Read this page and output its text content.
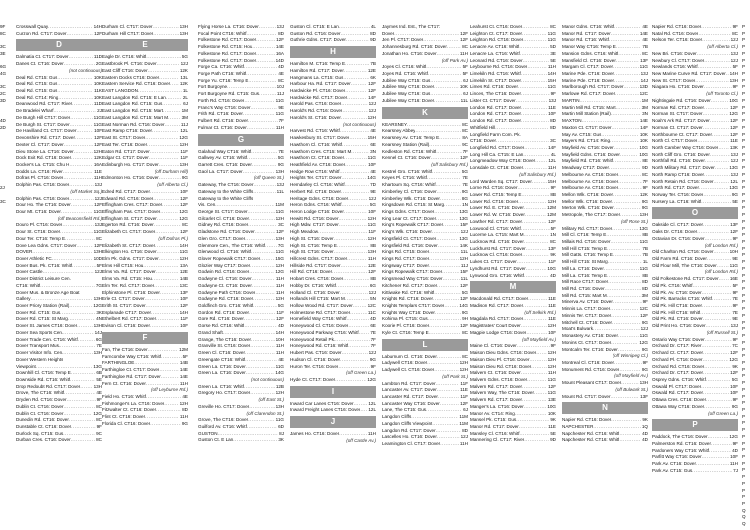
9F
8C
3C
3E
6G
4G
3C
2C
3D
4D
2D
2J
3C
Crosswall Quay .....	14H
Curzon Rd. CT17: Dover .....	12F
D
Dalmatia Ct. CT17: Dover .....	11D
Danes Ct. CT16: Dover .....	2G
(not continuous)
Deal Rd. CT15: Gus .....	10K
Deal Rd. CT15: Gus .....	10K
Deal Rd. CT15: Gus .....	11K
Deal Rd. CT14: Ring .....	10K
Deanwood Rd. CT17: River .....	11D
De Bradelei Wharf .....	2J
De Burgh Hill CT17: Dover .....	11G
De Burgh St. CT17: Dover .....	11G
De Havilland Ct. CT17: Dover .....	10F
Devonshire Rd. CT17: Dover .....	12F
Dexter Cl. CT17: Dover .....	12F
Dieu Stone La. CT16: Dover .....	12H
Dock Exit Rd. CT16: Dover .....	12K
Docker's La. CT15: Chu H .....	16A
Dodds La. CT16: River .....	11E
Dofras Pl. CT16: Dover .....	11H
Dolphin Pas. CT16: Dover .....	13J
(off Market Sq.)
Dolphin Pas. CT16: Dover .....	12J
Dour Ho. The CT16: Dover .....	12F
Dour Mt. CT16: Dover .....	11G
(off Beaconsfield Rd.)
Douro Pl. CT16: Dover .....	13J
Dour St. CT16: Dover .....	11G
Dour Ter. CT16: Temp E .....	8C
Dove Lea Gdns. CT17: Dover .....	12F
DOVER .....	13H
Dover Athletic FC .....	10D
Dover Bus. Pk. CT16: Whitf .....	5F
Dover Castle .....	12J
Dover District Leisure Cen.
CT16: Whitf .....	7G
Dover Mus. & Bronze Age Boat
Gallery .....	13H
Dover Priory Station (Rail) .....	12G
Dover Rd. CT15: Gus .....	3K
Dover Rd. CT15: St Marg .....	4N
Dover St. James CT16: Dover .....	13H
Dover Sea Sports Cen. .....	14J
Dover Trade Cen. CT16: Whitf .....	6G
Dover Transport Mus. .....	7E
Dover Visitor Info. Cen. .....	13H
Dover Western Heights
Viewpoint .....	13G
Downhill Cl. CT16: Temp E .....	6B
Downside Rd. CT16: Whitf .....	5E
Drop Redoubt Rd. CT17: Dover .....	13H
Drove, The CT16: Whitf .....	4E
Dryden Rd. CT16: Dover .....	9F
Dublin Ct. CT16: Dover .....	8C
Dublin Ct. CT16: Dover .....	12G
Dunedin Rd. CT16: Dover .....	8C
Dunstable Ct. CT16: Dover .....	9F
Durlock Sq. CT15: Gus .....	9C
Durban Cres. CT16: Dover .....	8C
Durham Cl. CT17: Dover .....	13H
Durham Hill CT17: Dover .....	13H
E
Eagle Dr. CT16: Whitf .....	5G
Eastbrook Pl. CT16: Dover .....	12J
East Cliff CT16: Dover .....	12K
Eastern Docks CT16: Dover .....	13L
Eastern Service Rd. CT16: Dover ..... 12K
EAST LANGDON .....	1L
East Langdon Rd. CT15: E Lan .....	2L
East Langdon Rd. CT15: Gus .....	6J
East Langdon Rd. CT15: Mart .....	1M
East Langdon Rd. CT15: Mart M .....	3M
East Norman Rd. CT16: Dover .....	11J
East Ramp CT16: Dover .....	12L
East St. CT17: Dover .....	12G
East Ter. CT16: Dover .....	12H
Eaton Rd. CT17: Dover .....	11F
Edgar Ct. CT17: Dover .....	11F
Edinburgh Ho. CT17: Dover .....	13H
(off Durham Hill)
Edmonton Ho. CT16: Dover .....	9G
(off Alberta Cl.)
Edred Rd. CT17: Dover .....	10F
Edward Rd. CT16: Dover .....	12F
Effingham Cres. CT17: Dover .....	12F
Effingham Pas. CT17: Dover .....	12G
Effingham St. CT17: Dover .....	12G
Egerton Rd. CT16: Dover .....	8C
Elizabeth Ct. CT17: Dover .....	12F
(off Dofras Pl.)
Elizabeth St. CT17: Dover .....	14H
Elkington Ho. CT16: Dover .....	11G
Elm Pk. Gdns. CT17: Dover .....	12H
Elms Hill CT15: Hou .....	13A
Elms Va. Rd. CT17: Dover .....	12E
Elms Va. Rd. CT15: Hou .....	14B
Elm Ter. Rd. CT17: Dover .....	13C
Elphinstone Pl. CT16: Dover .....	13F
Erle Ct. CT17: Dover .....	10F
Erith St. CT17: Dover .....	12F
Esplanade CT17: Dover .....	14H
Ethelbert Rd. CT17: Dover .....	11F
Evison Cl. CT16: Dover .....	10F
F
Fan, The CT16: Dover .....	12M
Farncombe Way CT16: Whitf .....	5F
FARTHINGLOE .....	14B
Farthingloe Ct. CT17: Dover .....	14E
Farthingloe Rd. CT17: Dover .....	14E
Fern Ct. CT16: Dover .....	11H
(off Leyburne Rd.)
Field Ho. CT16: Whitf .....	4E
Fishmonger's La. CT16: Dover .....	12H
Fitzwalter Ct. CT16: Dover .....	8D
Flint Ct. CT16: Dover .....	11H
Florida Cl. CT16: Dover .....	9G
Flying Horse La. CT16: Dover .....	13J
Focal Point CT16: Whitf .....	8D
Folkestone Rd. CT17: Dover .....	12F
Folkestone Rd. CT15: Hou .....	14E
Folkestone Rd. CT17: Dover .....	16A
Folkestone Rd. CT17: Dover .....	14D
Forge Ca. CT16: Whitf .....	4D
Forge Path CT16: Whitf .....	4E
Forge Yu. CT16: Temp E .....	8C
Fort Burgoyne .....	10J
Fort Burgoyne Rd. CT15: Gus .....	11J
Forth Rd. CT16: Dover .....	11G
Franc's Way CT16: Dover .....	9E
Frith Rd. CT16: Dover .....	11G
Fulbert Rd. CT16: Dover .....	7F
Fulmar Ct. CT16: Dover .....	11H
G
Galahad Way CT16: Whitf .....	7E
Gallwey Av. CT16: Whitf .....	5G
Garrett Cres. CT16: Dover .....	9G
Gaol La. CT17: Dover .....	13H
(off Queen St.)
Gateway, The CT16: Dover .....	13J
Gateway to the White Cliffs .....	11L
Gateway to the White Cliffs
Vis. Cen. .....	11M
George St. CT17: Dover .....	11G
Gilcarlet Cl. CT16: Dover .....	12H
Gidney Rd. CT16: Dover .....	3C
Gladstone Rd. CT16: Dover .....	12F
Glen Gro. CT17: Dover .....	13H
Glenmore Cen., The CT16: Whitf .....	7G
Glenwood Cl. CT16: Whitf .....	11G
Glover Ropewalk CT17: Dover .....	15G
Glozier Way CT17: Dover .....	12H
Godwin Rd. CT16: Dover .....	12G
Godwyne Cl. CT16: Dover .....	11H
Godwyne Ct. CT16: Dover .....	11H
Godwyne Path CT16: Dover .....	11H
Godwyne Rd. CT16: Dover .....	12H
Goldfinch Gro. CT16: Whitf .....	5G
Gordon Rd. CT16: Dover .....	11F
Gore Rd. CT16: Dover .....	12F
Gorse Rd. CT16: Whitf .....	4D
Grand Shaft .....	14H
Grange, The CT16: Dover .....	10H
Granville St. CT16: Dover .....	11H
Green Cl. CT16: Dover .....	11H
Greengate CT16: Whitf .....	4E
Green La. CT16: Dover .....	11G
Green La. CT16: Dover .....	14G
(not continuous)
Green La. CT16: Whitf .....	12B
Gregory Ho. CT17: Dover .....	12H
(off East St.)
Greville Ho. CT17: Dover .....	13H
(off Clarendon St.)
Grove, The CT16: Dover .....	11G
Guilford Av. CT16: Whitf .....	6D
GUSTON .....	8J
Guston Ct. E Lan .....	3K
Guston Cl. CT15: E Lan .....	4L
Guston Rd. CT16: Dover .....	8D
Guthrie Gdns. CT17: Dover .....	9D
H
Hamilton M. CT16: Temp E .....	7B
Hamilton Rd. CT17: Dover .....	12E
Hangmans La. CT15: Gus .....	6K
Harbour Ha. Rd. CT17: Dover .....	12F
Hardwicke Pl. CT16: Dover .....	12F
Hardwicke Rd. CT17: Dover .....	14F
Harold Pas. CT16: Dover .....	12J
Harold's Rd. CT16: Dover .....	12J
Harold's St. CT16: Dover .....	12H
(not continuous)
Harvest Rd. CT16: Whitf .....	4E
Hawkesbury St. CT17: Dover .....	15H
Hawthorn Cl. CT16: Whitf .....	6E
Hawthorn Cres. CT15: Mart M .....	3N
Hawthorn Ct. CT16: Dover .....	11G
Heathfield Av. CT16: Dover .....	10F
Hedge Row CT16: Whitf .....	4E
Heights Ter. CT17: Dover .....	14G
Hemdarley Cl. CT16: Whitf .....	7D
Herbert Rd. CT16: Dover .....	9E
Heritage Gdns. CT16: Dover .....	12J
Heron Gdns. CT16: Whitf .....	5G
Heron Lodge CT16: Dover .....	10F
Hewitt Rd. CT16: Dover .....	12H
High Mdw. CT17: Dover .....	11G
High Meadow .....	11F
High St. CT16: Dover .....	12H
High St. CT16: Temp E .....	8B
High St. CT16: Dover .....	13H
Hillcrest Gdns. CT17: Dover .....	11H
Hillside Rd. CT17: Dover .....	12E
Hill Rd. CT16: Dover .....	12F
Hobart Cres. CT16: Dover .....	8B
Hobby Dr. CT16: Whitf .....	6G
Holland Cl. CT16: Dover .....	12J
Hollands Hill CT15: Mart M .....	5N
Hollow Wood Rd. CT17: Dover .....	12C
Holmestone Rd. CT17: Dover .....	11C
Homefield Way CT16: Whitf .....	4D
Honeywood Cl. CT16: Dover .....	6E
Honeywood Parkway CT16: Whitf .....	7E
Honeywood Retail Pk. .....	7F
Honeywood Rd. CT16: Whitf .....	7F
Hubert Pas. CT16: Dover .....	12J
Hudson Cl. CT16: Dover .....	9G
Huron Ter. CT16: Dover .....	9F
(off Green La.)
Hyde Ct. CT17: Dover .....	12G
I
Inward Car Lanes CT16: Dover .....	12L
Inward Freight Lanes CT16: Dover ..... 12L
J
James Ho. CT16: Dover .....	11H
(off Castle Av.)
Jaymes Ind. Est., The CT17:
Dover .....	12F
Jen Pl. CT17: Dover .....	12F
Johannesburg Rd. CT16: Dover .....	8C
Jonathan Ho. CT16: Dover .....	11H
(off Park Av.)
Joyes Cl. CT16: Whitf .....	5F
Joyes Rd. CT16: Whitf .....	5F
Jubilee Way CT15: Gus .....	6J
Jubilee Way CT16: Dover .....	10K
Jubilee Way CT16: Gus .....	6J
Jubilee Way CT16: Dover .....	11L
K
KEARSNEY .....	8C
Kearsney Abbey .....	8C
Kearsney Av. CT16: Temp E .....	8A
Kearsney Station (Rail) .....	9C
Kedleston Rd. CT16: Whitf .....	7F
Kennel Ct. CT16: Dover .....	12F
(off Salisbury Rd.)
Kestrel Gro. CT16: Whitf .....	5G
Keyes Pl. CT16: Whitf .....	7E
Khartoum Sq. CT16: Whitf .....	7E
Kimberley Cl. CT16: Dover .....	9G
Kimberley Wlk. CT16: Dover .....	8G
Kingsdown Rd. CT15: St Marg .....	1N
Kings Gdns. CT17: Dover .....	13G
King Lear Ct. CT17: Dover .....	13G
King's Ropewalk CT17: Dover .....	15F
King's Wlk. CT16: Dover .....	12J
Kingsfield Ct. CT17: Dover .....	13G
Kingsfield Rd. CT16: Dover .....	14K
Kings Rd. CT15: Dover .....	11L
Kings Rd. CT17: Dover .....	12H
Kingsway CT17: Dover .....	11J
Kings Ropewalk CT17: Dover .....	15F
Kingsmead Way CT16: Dover .....	11L
Kitchener Rd. CT17: Dover .....	12F
Kittiwake Rd. CT16: Whitf .....	5G
Knights Rd. CT16: Dover .....	12F
Knights Templars CT17: Dover .....	14G
Knights Way CT16: Dover .....	9G
Kohima Pl. CT15: Gus .....	9H
Koorie Pl. CT16: Dover .....	12F
Kyle Ct. CT16: Temp E .....	8C
L
Laburnum Cl. CT16: Dover .....	8C
Ladywell CT16: Dover .....	12H
Ladywell Ct. CT16: Dover .....	12H
(off Park St.)
Lambton Rd. CT17: Dover .....	11F
Lancaster Av. CT17: Dover .....	11E
Lancaster Rd. CT17: Dover .....	11F
Lancaster Way CT16: Dover .....	12F
Lane, The CT15: Gus .....	6J
Langdon Cliffs .....	11M
Langdon Cliffs Viewpoint .....	11M
Langdon Rd. CT17: Dover .....	8D
Lascelles Ho. CT16: Dover .....	12J
Leamington Cl. CT17: Dover .....	11H
Leahurst Ct. CT16: Dover .....	8C
Leighton Ct. CT17: Dover .....	11G
Leighton Rd. CT16: Dover .....	11G
Lenacre Av. CT16: Whitf .....	5D
Lenacre La. CT16: Whitf .....	3E
Leonard Rd. CT16: Dover .....	5E
Leybourne Rd. CT16: Dover .....	11H
Limekiln Rd. CT16: Whitf .....	14H
Limekiln St. CT17: Dover .....	15H
Limes Rd. CT16: Dover .....	11G
Linces, The CT16: Dover .....	9F
Lister Ct. CT17: Dover .....	13J
London Rd. CT17: Dover .....	11E
London Rd. CT17: Dover .....	10F
London Rd. CT17: Dover .....	8D
Whitfield Hill .....	8D
Longfield Farm Com. Pk.
CT16: Dover .....	3C
Longfield Rd. CT17: Dover .....	14F
Long Hill Ca. CT15: E Lan .....	4L
Longmeadow Way CT16: Dover .....	12L
Lonsdale Ct. CT16: Dover .....	11H
(off Salisbury Rd.)
Lord Warden Sq. CT17: Dover .....	15H
Lorne Rd. CT16: Dover .....	9F
Lower Rd. CT15: Temp E .....	8B
Lower Rd. CT16: Dover .....	12H
Lower Rd. E. CT16: Dover .....	12M
Lower Rd. W. CT16: Dover .....	12M
Lowther Rd. CT17: Dover .....	12F
Loxwood Cl. CT16: Whitf .....	5F
Lucerne La. CT15: Mart M .....	1N
Lucknow Rd. CT16: Dover .....	8C
Luckhurst Rd. CT17: Dover .....	13F
Lucknow Cl. CT16: Dover .....	9K
Lukes Ct. CT17: Dover .....	11F
Lyndhurst Rd. CT17: Dover .....	10G
Lynwood Gro. CT16: Whitf .....	4D
M
Macdonald Rd. CT17: Dover .....	11E
Madison Rd. CT17: Dover .....	11E
(off Selkirk Rd.)
Magdala Rd. CT17: Dover .....	11E
Magistrates' Court Dover .....	12H
Magpie Lodge CT16: Dover .....	10F
(off Mayfield Av.)
Maine Cl. CT16: Dover .....	9F
Maison Dieu Gdns. CT16: Dover ..... 12H
Maison Dieu Pl. CT16: Dover .....	12H
Maison Dieu Rd. CT16: Dover .....	12H
Malvern Ct. CT16: Dover .....	11H
Malvern Gdns. CT16: Dover .....	11G
Malvern Rd. CT17: Dover .....	12F
Malvern Way, The CT16: Dover .....	11G
Malvern Rd. CT17: Dover .....	13E
Manger's La. CT16: Dover .....	10G
Manor Av. CT14: Ring .....	10K
Mansel Pk. CT15: Gus .....	9K
Manor Rd. CT17: Dover .....	11E
Mansley Cl. CT16: Whitf .....	5E
Mannering Cl. CT17: River .....	9D
Manor Gdns. CT16: Whitf .....	4E
Manor Rd. CT17: Dover .....	14E
Manor Rd. CT16: Whitf .....	4E
Manor Way CT16: Temp E .....	7B
Mansion Gdns. CT16: Whitf .....	8C
Mansfield Cl. CT16: Dover .....	13F
Margam Cl. CT17: Dover .....	11G
Marine Pde. CT16: Dover .....	13J
Marine Pde. CT16: Dover .....	14J
Marlborough Rd. CT17: Dover .....	13D
Marlowe Rd. CT17: Dover .....	12C
MARTIN .....	1M
Martin Mill Rd. CT15: Mart .....	3M
Martin Mill Station (Rail) .....	3N
MAXTON .....	14E
Maxton Ct. CT17: Dover .....	14F
May Av. CT15: Gus .....	10K
Mayers Rd. CT14: Ring .....	10K
Mayfield Av. CT16: Dover .....	10G
Mayfield Gdns. CT16: Dover .....	10G
Mayfield Rd. CT16: Whitf .....	8E
Meadway CT17: Dover .....	9D
Melbourne Av. CT16: Dover .....	8C
Melbourne Av. CT16: Dover .....	7F
Melbourne Av. CT16: Dover .....	9F
Mellon Wlk. CT16: Dover .....	12K
Mellor Wlk. CT16: Dover .....	9G
Merton Wlk. CT16: Dover .....	9G
Metropole, The CT17: Dover .....	13H
(off Rose St.)
Military Rd. CT17: Dover .....	13G
Mill Cl. CT16: Temp E .....	8B
Millais Rd. CT16: Dover .....	11G
Mill Hill CT15: Temp E .....	7B
Mill Gatts. CT16: Temp E .....	7B
Mill Hill CT15: St Marg .....	1L
Mill La. CT16: Dover .....	11G
Mill La. CT16: Temp E .....	8B
Mill Race CT17: Dover .....	8D
Mill Rd. CT16: Dover .....	8D
Mill Rd. CT15: Mart M .....	3M
Minerva Av. CT16: Dover .....	9F
Minnis La. CT17: Dover .....	12C
Minnis Ter. CT17: Dover .....	12F
Mitchell Ct. CT16: Dover .....	9G
Moat's Bulwark .....	12J
Monastery Av. CT16: Dover .....	11G
Monins Ct. CT17: Dover .....	12G
Montcalm Ter. CT16: Dover .....	9G
(off Winnipeg Cl.)
Montreal Cl. CT16: Dover .....	9F
Monument Rd. CT16: Dover .....	9G
(off Mayfield Av.)
Mount Pleasant CT17: Dover .....	13H
(off Bulwark St.)
Mount Rd. CT17: Dover .....	13F
N
Napier Rd. CT16: Dover .....	9K
NAPCHESTER .....	1Q
Napchester Rd. CT16: Whitf .....	4D
Napchester Rd. CT16: Whitf .....	4D
Napier Rd. CT16: Dover .....	9F
Natal Rd. CT16: Dover .....	8C
Nelson Ter. CT16: Dover .....	12J
(off Alberta Cl.)
New Bri. CT16: Dover .....	13J
Newbury Cl. CT17: Dover .....	12J
Newlands CT16: Whitf .....	5F
New Marine Curve Rd. CT17: Dover ..... 14H
New St. CT17: Dover .....	13H
Niagara Ho. CT16: Dover .....	9F
(off Toronto Cl.)
Nightingale Rd. CT16: Dover .....	10G
Norman Rd. CT17: Dover .....	12F
Norman St. CT17: Dover .....	12G
Noah's Ark Rd. CT17: Dover .....	12F
Norman Ct. CT17: Dover .....	12F
Northbourne Ct. CT17: Dover .....	12F
North Cl. CT17: Dover .....	11E
North Camber Way CT16: Dover ..... 13K
North Cliff Gro. CT16: Dover .....	13J
Northfall Rd. CT16: Dover .....	12J
North Military Rd. CT17: Dover .....	13G
North Ramp CT16: Dover .....	13J
North Retain Rd. CT16: Dover .....	12L
North Rd. CT17: Dover .....	13G
Norway Ter. CT16: Dover .....	9G
Nursery La. CT16: Whitf .....	5E
O
Oakside Cl. CT17: Dover .....	13F
Oaks Dr. CT16: Dover .....	12F
Octavian Dr. CT16: Dover .....	9F
(off London Rd.)
Old Charlton Rd. CT16: Dover .....	10H
Old Farm Rd. CT16: Dover .....	9E
Old Flour Mill, The CT16: Dover .....	11G
(off London Rd.)
Old Folkestone Rd. CT17: Dover ..... 16E
Old Pk. CT16: Whitf .....	5F
Old Pk. Av. CT16: Dover .....	9F
Old Pk. Barracks CT16: Whitf .....	7E
Old Pk. Hill CT16: Dover .....	9F
Old Pk. Hill CT16: Whitf .....	7E
Old Pk. Rd. CT16: Dover .....	9E
Old Print Ho. CT16: Dover .....	13J
(off Russell St.)
Ontario Way CT16: Dover .....	9F
Orchard Dr. CT17: River .....	7C
Orchard Ct. CT17: Dover .....	12F
Orchard Pl. CT16: Dover .....	12G
Orchard Rd. CT16: Dover .....	9K
Orchard Dr. CT17: Dover .....	12F
Osprey Gdns. CT16: Whitf .....	5G
Oswald Pl. CT17: Dover .....	10F
Oswald Rd. CT17: Dover .....	10F
Ottawa Cres. CT16: Dover .....	9F
Ottawa Way CT16: Dover .....	9G
(off Green La.)
P
Paddock, The CT16: Dover .....	12G
Palmerston Rd. CT16: Dover .....	9F
Pardoners Way CT16: Whitf .....	4D
Parfitt Way CT16: Dover .....	10F
Park Av. CT16: Dover .....	11H
Park Av. CT15: Gus .....	7J
P
P
P
P
P
P
P
P
P
P
P
P
P
P
P
P
P
P
P
P
P
P
P
P
P
P
P
P
P
P
P
P
P
P
P
P
P
P
P
P
P
P
P
P
P
P
P
P
P
P
P
P
P
P
P
P
P
P
P
P
P
P
P
P
P
P
P
P
P
P
P
P
Q
Q
Q
